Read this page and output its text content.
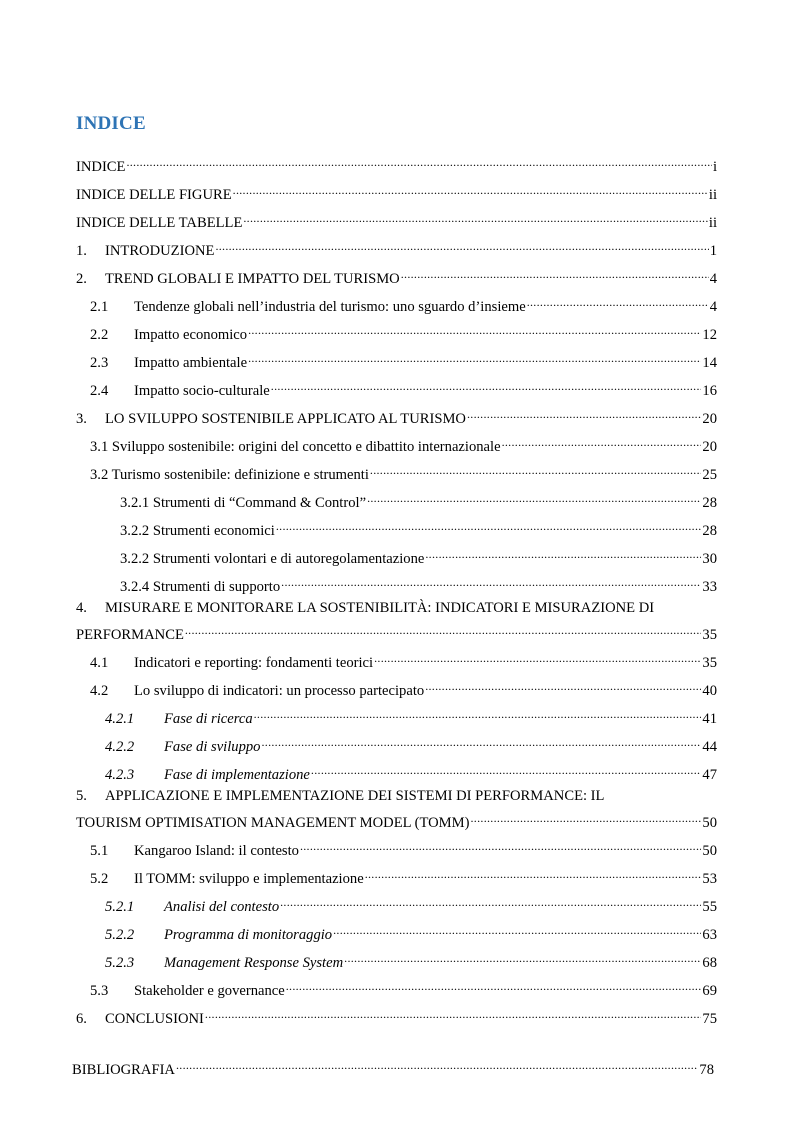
INDICE
INDICE .....	i
INDICE DELLE FIGURE .....	ii
INDICE DELLE TABELLE .....	ii
1.	INTRODUZIONE .....	1
2.	TREND GLOBALI E IMPATTO DEL TURISMO .....	4
2.1	Tendenze globali nell’industria del turismo: uno sguardo d’insieme .....	4
2.2	Impatto economico .....	12
2.3	Impatto ambientale .....	14
2.4	Impatto socio-culturale .....	16
3.	LO SVILUPPO SOSTENIBILE APPLICATO AL TURISMO .....	20
3.1 Sviluppo sostenibile: origini del concetto e dibattito internazionale .....	20
3.2 Turismo sostenibile: definizione e strumenti .....	25
3.2.1 Strumenti di “Command & Control” .....	28
3.2.2 Strumenti economici .....	28
3.2.2 Strumenti volontari e di autoregolamentazione .....	30
3.2.4 Strumenti di supporto .....	33
4. MISURARE E MONITORARE LA SOSTENIBILITÀ: INDICATORI E MISURAZIONE DI
PERFORMANCE .....	35
4.1	Indicatori e reporting: fondamenti teorici .....	35
4.2	Lo sviluppo di indicatori: un processo partecipato .....	40
4.2.1	Fase di ricerca .....	41
4.2.2	Fase di sviluppo .....	44
4.2.3	Fase di implementazione .....	47
5. APPLICAZIONE E IMPLEMENTAZIONE DEI SISTEMI DI PERFORMANCE: IL
TOURISM OPTIMISATION MANAGEMENT MODEL (TOMM) .....	50
5.1	Kangaroo Island: il contesto .....	50
5.2	Il TOMM: sviluppo e implementazione .....	53
5.2.1	Analisi del contesto .....	55
5.2.2	Programma di monitoraggio .....	63
5.2.3	Management Response System .....	68
5.3	Stakeholder e governance .....	69
6.	CONCLUSIONI .....	75
BIBLIOGRAFIA .....	78
